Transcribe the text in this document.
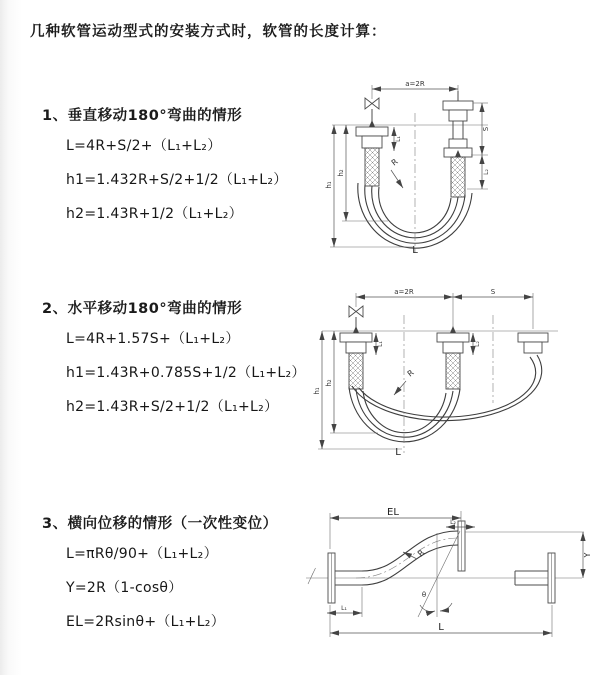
几种软管运动型式的安装方式时，软管的长度计算：
1、垂直移动180°弯曲的情形
L=4R+S/2+（L₁+L₂）
h1=1.432R+S/2+1/2（L₁+L₂）
h2=1.43R+1/2（L₁+L₂）
a=2R
h₁
h₂
R
L
S
L₂
L₁
2、水平移动180°弯曲的情形
L=4R+1.57S+（L₁+L₂）
h1=1.43R+0.785S+1/2（L₁+L₂）
h2=1.43R+S/2+1/2（L₁+L₂）
a=2R	S
h₁
h₂
R
L₁	L₂
L
3、横向位移的情形（一次性变位）
L=πRθ/90+（L₁+L₂）
Y=2R（1-cosθ）
EL=2Rsinθ+（L₁+L₂）
θ
R
EL
L₂
L₁
L
Y
